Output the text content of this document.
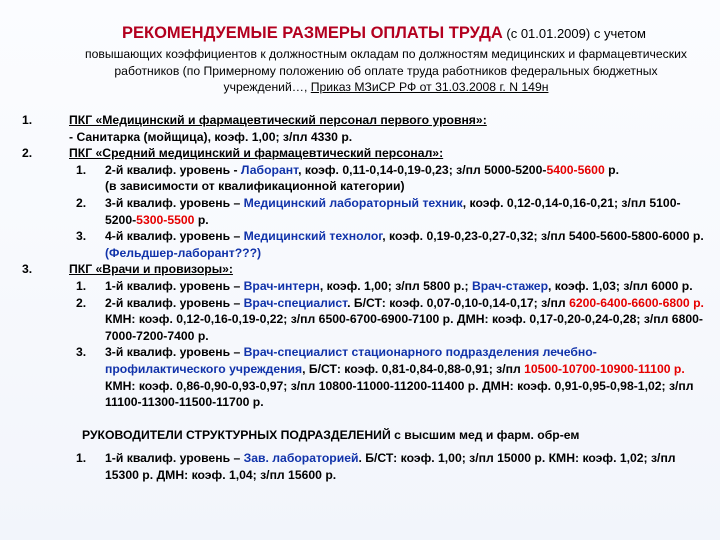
РЕКОМЕНДУЕМЫЕ РАЗМЕРЫ ОПЛАТЫ ТРУДА (с 01.01.2009) с учетом
повышающих коэффициентов к должностным окладам по должностям медицинских и фармацевтических работников (по Примерному положению об оплате труда работников федеральных бюджетных учреждений…, Приказ МЗиСР РФ от 31.03.2008 г. N 149н
1.	ПКГ «Медицинский и фармацевтический персонал первого уровня»:
- Санитарка (мойщица), коэф. 1,00; з/пл 4330 р.
2.	ПКГ «Средний медицинский и фармацевтический персонал»:
1. 2-й квалиф. уровень - Лаборант, коэф. 0,11-0,14-0,19-0,23; з/пл 5000-5200-5400-5600 р.
(в зависимости от квалификационной категории)
2. 3-й квалиф. уровень – Медицинский лабораторный техник, коэф. 0,12-0,14-0,16-0,21; з/пл 5100-5200-5300-5500 р.
3. 4-й квалиф. уровень – Медицинский технолог, коэф. 0,19-0,23-0,27-0,32; з/пл 5400-5600-5800-6000 р. (Фельдшер-лаборант???)
3.	ПКГ «Врачи и провизоры»:
1. 1-й квалиф. уровень – Врач-интерн, коэф. 1,00; з/пл 5800 р.; Врач-стажер, коэф. 1,03; з/пл 6000 р.
2. 2-й квалиф. уровень – Врач-специалист. Б/СТ: коэф. 0,07-0,10-0,14-0,17; з/пл 6200-6400-6600-6800 р. КМН: коэф. 0,12-0,16-0,19-0,22; з/пл 6500-6700-6900-7100 р. ДМН: коэф. 0,17-0,20-0,24-0,28; з/пл 6800-7000-7200-7400 р.
3. 3-й квалиф. уровень – Врач-специалист стационарного подразделения лечебно-профилактического учреждения, Б/СТ: коэф. 0,81-0,84-0,88-0,91; з/пл 10500-10700-10900-11100 р. КМН: коэф. 0,86-0,90-0,93-0,97; з/пл 10800-11000-11200-11400 р. ДМН: коэф. 0,91-0,95-0,98-1,02; з/пл 11100-11300-11500-11700 р.
РУКОВОДИТЕЛИ СТРУКТУРНЫХ ПОДРАЗДЕЛЕНИЙ с высшим мед и фарм. обр-ем
1. 1-й квалиф. уровень – Зав. лабораторией. Б/СТ: коэф. 1,00; з/пл 15000 р. КМН: коэф. 1,02; з/пл 15300 р. ДМН: коэф. 1,04; з/пл 15600 р.
